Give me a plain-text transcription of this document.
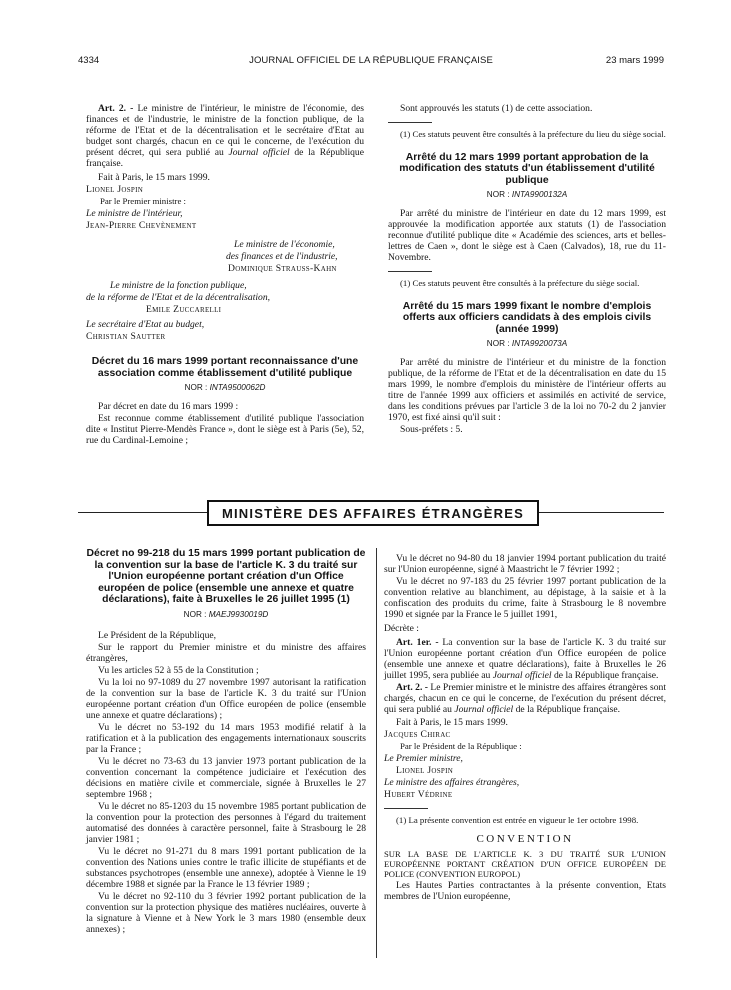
4334	JOURNAL OFFICIEL DE LA RÉPUBLIQUE FRANÇAISE	23 mars 1999

Art. 2. - Le ministre de l'intérieur, le ministre de l'économie, des finances et de l'industrie, le ministre de la fonction publique, de la réforme de l'Etat et de la décentralisation et le secrétaire d'Etat au budget sont chargés, chacun en ce qui le concerne, de l'exécution du présent décret, qui sera publié au Journal officiel de la République française.

Fait à Paris, le 15 mars 1999.

Lionel Jospin

Par le Premier ministre :

Le ministre de l'intérieur,

Jean-Pierre Chevènement

Le ministre de l'économie,

des finances et de l'industrie,

Dominique Strauss-Kahn

Le ministre de la fonction publique,

de la réforme de l'Etat et de la décentralisation,

Emile Zuccarelli

Le secrétaire d'Etat au budget,

Christian Sautter

Décret du 16 mars 1999 portant reconnaissance d'une association comme établissement d'utilité publique
NOR : INTA9500062D

Par décret en date du 16 mars 1999 :

Est reconnue comme établissement d'utilité publique l'association dite « Institut Pierre-Mendès France », dont le siège est à Paris (5e), 52, rue du Cardinal-Lemoine ;

Sont approuvés les statuts (1) de cette association.

(1) Ces statuts peuvent être consultés à la préfecture du lieu du siège social.

Arrêté du 12 mars 1999 portant approbation de la modification des statuts d'un établissement d'utilité publique
NOR : INTA9900132A

Par arrêté du ministre de l'intérieur en date du 12 mars 1999, est approuvée la modification apportée aux statuts (1) de l'association reconnue d'utilité publique dite « Académie des sciences, arts et belles-lettres de Caen », dont le siège est à Caen (Calvados), 18, rue du 11-Novembre.

(1) Ces statuts peuvent être consultés à la préfecture du siège social.

Arrêté du 15 mars 1999 fixant le nombre d'emplois offerts aux officiers candidats à des emplois civils (année 1999)
NOR : INTA9920073A

Par arrêté du ministre de l'intérieur et du ministre de la fonction publique, de la réforme de l'Etat et de la décentralisation en date du 15 mars 1999, le nombre d'emplois du ministère de l'intérieur offerts au titre de l'année 1999 aux officiers et assimilés en activité de service, dans les conditions prévues par l'article 3 de la loi no 70-2 du 2 janvier 1970, est fixé ainsi qu'il suit :

Sous-préfets : 5.

MINISTÈRE DES AFFAIRES ÉTRANGÈRES
Décret no 99-218 du 15 mars 1999 portant publication de la convention sur la base de l'article K. 3 du traité sur l'Union européenne portant création d'un Office européen de police (ensemble une annexe et quatre déclarations), faite à Bruxelles le 26 juillet 1995 (1)
NOR : MAEJ9930019D

Le Président de la République,

Sur le rapport du Premier ministre et du ministre des affaires étrangères,

Vu les articles 52 à 55 de la Constitution ;

Vu la loi no 97-1089 du 27 novembre 1997 autorisant la ratification de la convention sur la base de l'article K. 3 du traité sur l'Union européenne portant création d'un Office européen de police (ensemble une annexe et quatre déclarations) ;

Vu le décret no 53-192 du 14 mars 1953 modifié relatif à la ratification et à la publication des engagements internationaux souscrits par la France ;

Vu le décret no 73-63 du 13 janvier 1973 portant publication de la convention concernant la compétence judiciaire et l'exécution des décisions en matière civile et commerciale, signée à Bruxelles le 27 septembre 1968 ;

Vu le décret no 85-1203 du 15 novembre 1985 portant publication de la convention pour la protection des personnes à l'égard du traitement automatisé des données à caractère personnel, faite à Strasbourg le 28 janvier 1981 ;

Vu le décret no 91-271 du 8 mars 1991 portant publication de la convention des Nations unies contre le trafic illicite de stupéfiants et de substances psychotropes (ensemble une annexe), adoptée à Vienne le 19 décembre 1988 et signée par la France le 13 février 1989 ;

Vu le décret no 92-110 du 3 février 1992 portant publication de la convention sur la protection physique des matières nucléaires, ouverte à la signature à Vienne et à New York le 3 mars 1980 (ensemble deux annexes) ;

Vu le décret no 94-80 du 18 janvier 1994 portant publication du traité sur l'Union européenne, signé à Maastricht le 7 février 1992 ;

Vu le décret no 97-183 du 25 février 1997 portant publication de la convention relative au blanchiment, au dépistage, à la saisie et à la confiscation des produits du crime, faite à Strasbourg le 8 novembre 1990 et signée par la France le 5 juillet 1991,

Décrète :

Art. 1er. - La convention sur la base de l'article K. 3 du traité sur l'Union européenne portant création d'un Office européen de police (ensemble une annexe et quatre déclarations), faite à Bruxelles le 26 juillet 1995, sera publiée au Journal officiel de la République française.

Art. 2. - Le Premier ministre et le ministre des affaires étrangères sont chargés, chacun en ce qui le concerne, de l'exécution du présent décret, qui sera publié au Journal officiel de la République française.

Fait à Paris, le 15 mars 1999.

Jacques Chirac

Par le Président de la République :

Le Premier ministre,

Lionel Jospin

Le ministre des affaires étrangères,

Hubert Védrine

(1) La présente convention est entrée en vigueur le 1er octobre 1998.

CONVENTION

SUR LA BASE DE L'ARTICLE K. 3 DU TRAITÉ SUR L'UNION EUROPÉENNE PORTANT CRÉATION D'UN OFFICE EUROPÉEN DE POLICE (CONVENTION EUROPOL)

Les Hautes Parties contractantes à la présente convention, Etats membres de l'Union européenne,
